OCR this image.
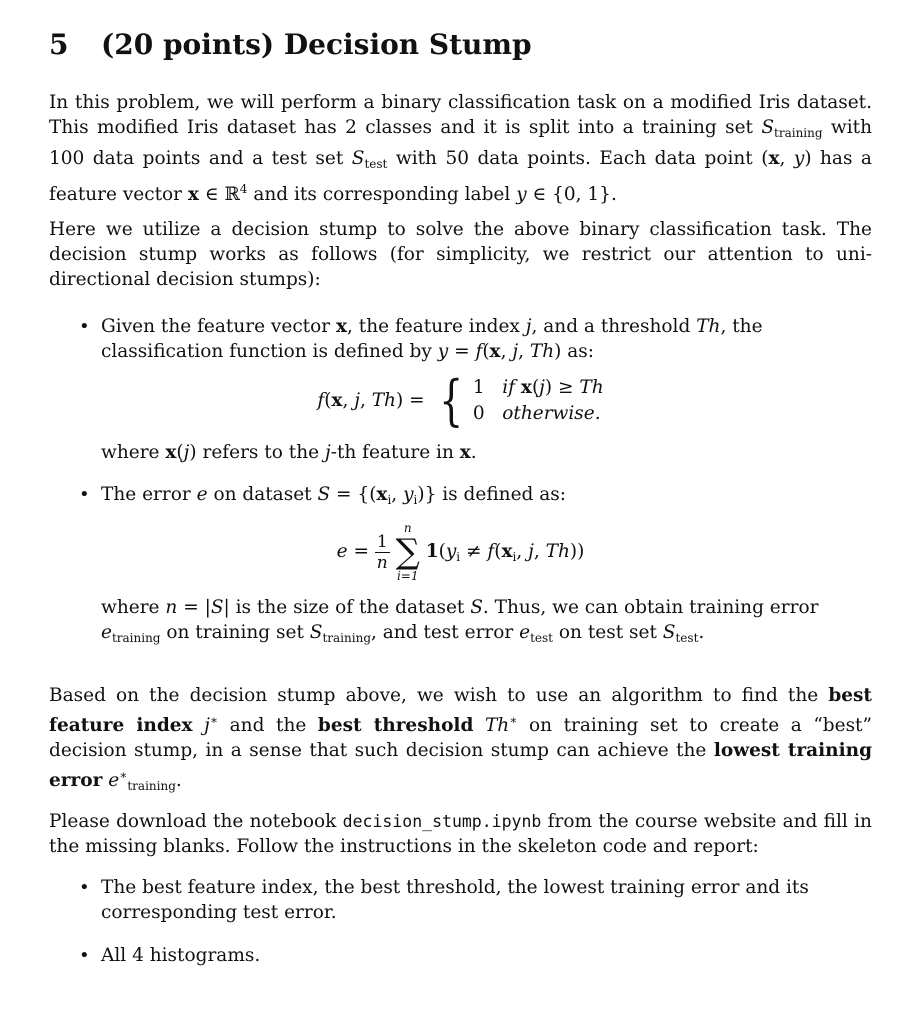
5 (20 points) Decision Stump

In this problem, we will perform a binary classification task on a modified Iris dataset. This modified Iris dataset has 2 classes and it is split into a training set $S_{training}$ with 100 data points and a test set $S_{test}$ with 50 data points. Each data point (x, y) has a feature vector x ∈ ℝ$^4$ and its corresponding label y ∈ {0, 1}.

Here we utilize a decision stump to solve the above binary classification task. The decision stump works as follows (for simplicity, we restrict our attention to uni-directional decision stumps):

• Given the feature vector x, the feature index j, and a threshold Th, the classification function is defined by y = f(x, j, Th) as:
f(x, j, Th) = { 1 if x(j) ≥ Th
0 otherwise.
where x(j) refers to the j-th feature in x.
• The error e on dataset $S = \{(x_i$, $y_i$)} is defined as:
$e = \frac{1}{n}$

n
∑
i=1
$1(y_i \ne f(x_i$, j, Th))
where n = |S| is the size of the dataset S. Thus, we can obtain training error $e_{training}$ on training set $S_{training}$, and test error $e_{test}$ on test set $S_{test}$.

Based on the decision stump above, we wish to use an algorithm to find the best feature index j∗ and the best threshold Th∗ on training set to create a “best” decision stump, in a sense that such decision stump can achieve the lowest training error $e^∗_{training}$.

Please download the notebook decision_stump.ipynb from the course website and fill in the missing blanks. Follow the instructions in the skeleton code and report:

• The best feature index, the best threshold, the lowest training error and its corresponding test error.
• All 4 histograms.
